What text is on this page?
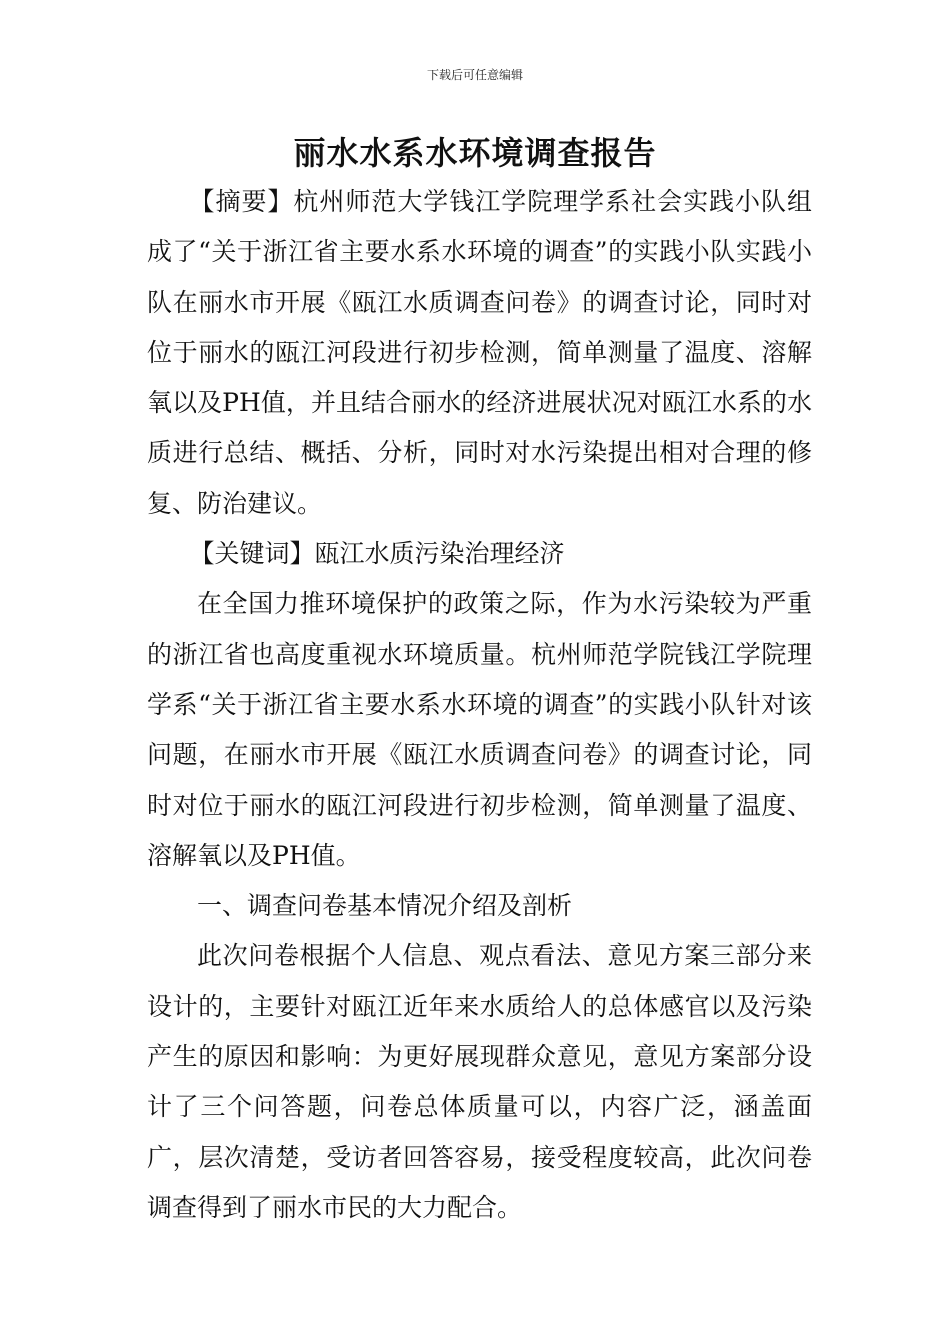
下载后可任意编辑
丽水水系水环境调查报告

【摘要】杭州师范大学钱江学院理学系社会实践小队组成了“关于浙江省主要水系水环境的调查”的实践小队实践小队在丽水市开展《瓯江水质调查问卷》的调查讨论，同时对位于丽水的瓯江河段进行初步检测，简单测量了温度、溶解氧以及PH值，并且结合丽水的经济进展状况对瓯江水系的水质进行总结、概括、分析，同时对水污染提出相对合理的修复、防治建议。

【关键词】瓯江水质污染治理经济

在全国力推环境保护的政策之际，作为水污染较为严重的浙江省也高度重视水环境质量。杭州师范学院钱江学院理学系“关于浙江省主要水系水环境的调查”的实践小队针对该问题，在丽水市开展《瓯江水质调查问卷》的调查讨论，同时对位于丽水的瓯江河段进行初步检测，简单测量了温度、溶解氧以及PH值。

一、调查问卷基本情况介绍及剖析

此次问卷根据个人信息、观点看法、意见方案三部分来设计的，主要针对瓯江近年来水质给人的总体感官以及污染产生的原因和影响：为更好展现群众意见，意见方案部分设计了三个问答题，问卷总体质量可以，内容广泛，涵盖面广，层次清楚，受访者回答容易，接受程度较高，此次问卷调查得到了丽水市民的大力配合。
